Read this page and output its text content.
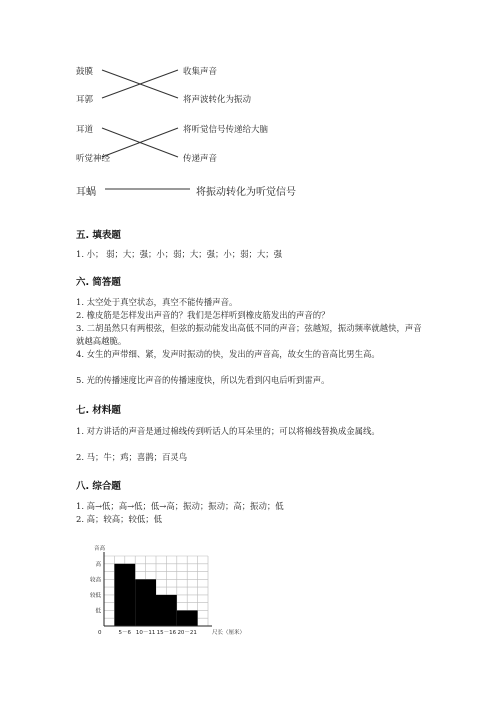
鼓膜
耳郭
耳道
听觉神经
耳蜗
收集声音
将声波转化为振动
将听觉信号传递给大脑
传递声音
将振动转化为听觉信号
五. 填表题
1. 小； 弱；大；强；小；弱；大；强；小；弱；大；强
六. 简答题
1. 太空处于真空状态，真空不能传播声音。
2. 橡皮筋是怎样发出声音的？我们是怎样听到橡皮筋发出的声音的？
3. 二胡虽然只有两根弦，但弦的振动能发出高低不同的声音；弦越短，振动频率就越快，声音就越高越脆。
4. 女生的声带细、紧，发声时振动的快，发出的声音高，故女生的音高比男生高。
5. 光的传播速度比声音的传播速度快，所以先看到闪电后听到雷声。
七. 材料题
1. 对方讲话的声音是通过棉线传到听话人的耳朵里的；可以将棉线替换成金属线。
2. 马；牛；鸡；喜鹊；百灵鸟
八. 综合题
1. 高→低；高→低；低→高；振动；振动；高；振动；低
2. 高；较高；较低；低
低
较低
较高
高
音高
0	5－6 10－11 15－16 20－21	尺长（厘米）
